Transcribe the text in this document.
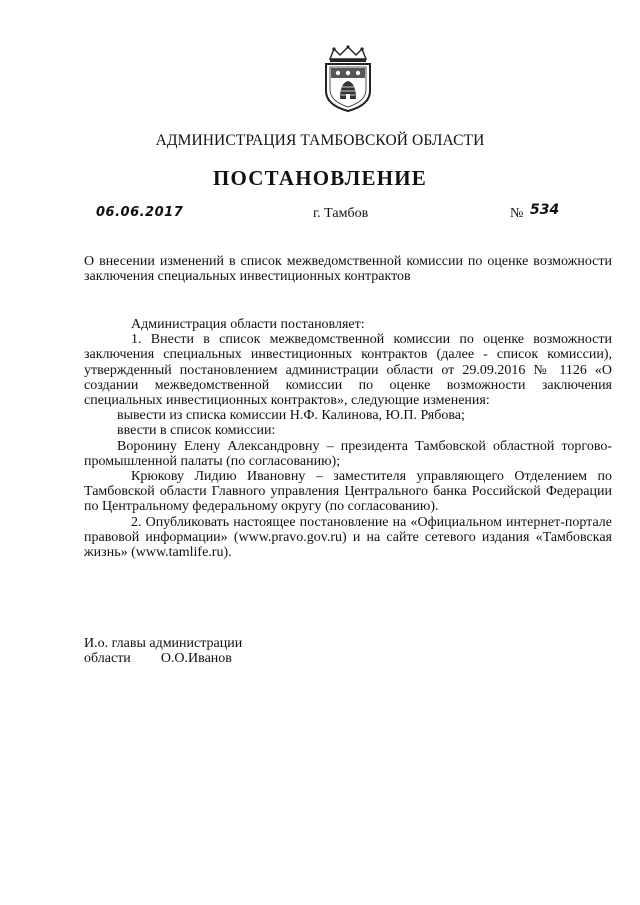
АДМИНИСТРАЦИЯ ТАМБОВСКОЙ ОБЛАСТИ
ПОСТАНОВЛЕНИЕ
06.06.2017	г. Тамбов	№ 534
О внесении изменений в список межведомственной комиссии по оценке возможности заключения специальных инвестиционных контрактов

Администрация области постановляет:

1. Внести в список межведомственной комиссии по оценке возможности заключения специальных инвестиционных контрактов (далее - список комиссии), утвержденный постановлением администрации области от 29.09.2016 № 1126 «О создании межведомственной комиссии по оценке возможности заключения специальных инвестиционных контрактов», следующие изменения:

вывести из списка комиссии Н.Ф. Калинова, Ю.П. Рябова;

ввести в список комиссии:

Воронину Елену Александровну – президента Тамбовской областной торгово-промышленной палаты (по согласованию);

Крюкову Лидию Ивановну – заместителя управляющего Отделением по Тамбовской области Главного управления Центрального банка Российской Федерации по Центральному федеральному округу (по согласованию).

2. Опубликовать настоящее постановление на «Официальном интернет-портале правовой информации» (www.pravo.gov.ru) и на сайте сетевого издания «Тамбовская жизнь» (www.tamlife.ru).

И.о. главы администрации
области О.О.Иванов
